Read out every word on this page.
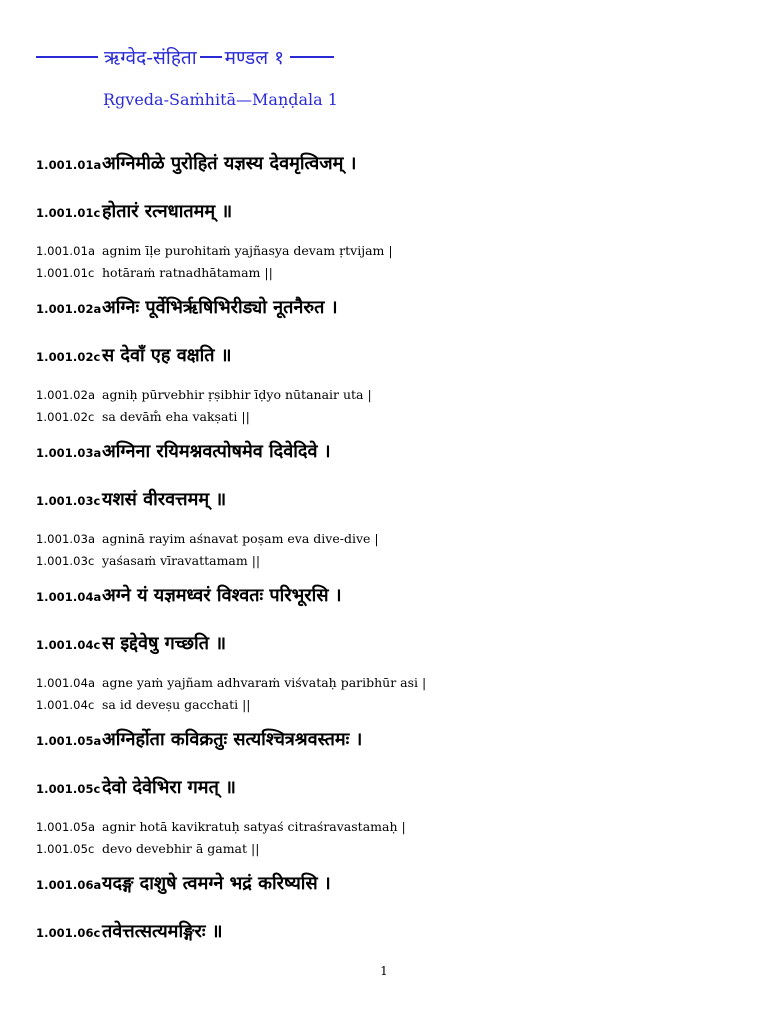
ऋग्वेद-संहिता मण्डल १
Ṛgveda-Saṁhitā—Maṇḍala 1
1.001.01a अग्निमीळे पुरोहितं यज्ञस्य देवमृत्विजम् ।
1.001.01c होतारं रत्नधातमम् ॥
1.001.01a agnim īḷe purohitaṁ yajñasya devam ṛtvijam |
1.001.01c hotāraṁ ratnadhātamam ||
1.001.02a अग्निः पूर्वेभिर्ऋषिभिरीड्यो नूतनैरुत ।
1.001.02c स देवाँ एह वक्षति ॥
1.001.02a agniḥ pūrvebhir ṛṣibhir īḍyo nūtanair uta |
1.001.02c sa devām̐ eha vakṣati ||
1.001.03a अग्निना रयिमश्नवत्पोषमेव दिवेदिवे ।
1.001.03c यशसं वीरवत्तमम् ॥
1.001.03a agninā rayim aśnavat poṣam eva dive-dive |
1.001.03c yaśasaṁ vīravattamam ||
1.001.04a अग्ने यं यज्ञमध्वरं विश्वतः परिभूरसि ।
1.001.04c स इद्देवेषु गच्छति ॥
1.001.04a agne yaṁ yajñam adhvaraṁ viśvataḥ paribhūr asi |
1.001.04c sa id deveṣu gacchati ||
1.001.05a अग्निर्होता कविक्रतुः सत्यश्चित्रश्रवस्तमः ।
1.001.05c देवो देवेभिरा गमत् ॥
1.001.05a agnir hotā kavikratuḥ satyaś citraśravastamaḥ |
1.001.05c devo devebhir ā gamat ||
1.001.06a यदङ्ग दाशुषे त्वमग्ने भद्रं करिष्यसि ।
1.001.06c तवेत्तत्सत्यमङ्गिरः ॥
1
